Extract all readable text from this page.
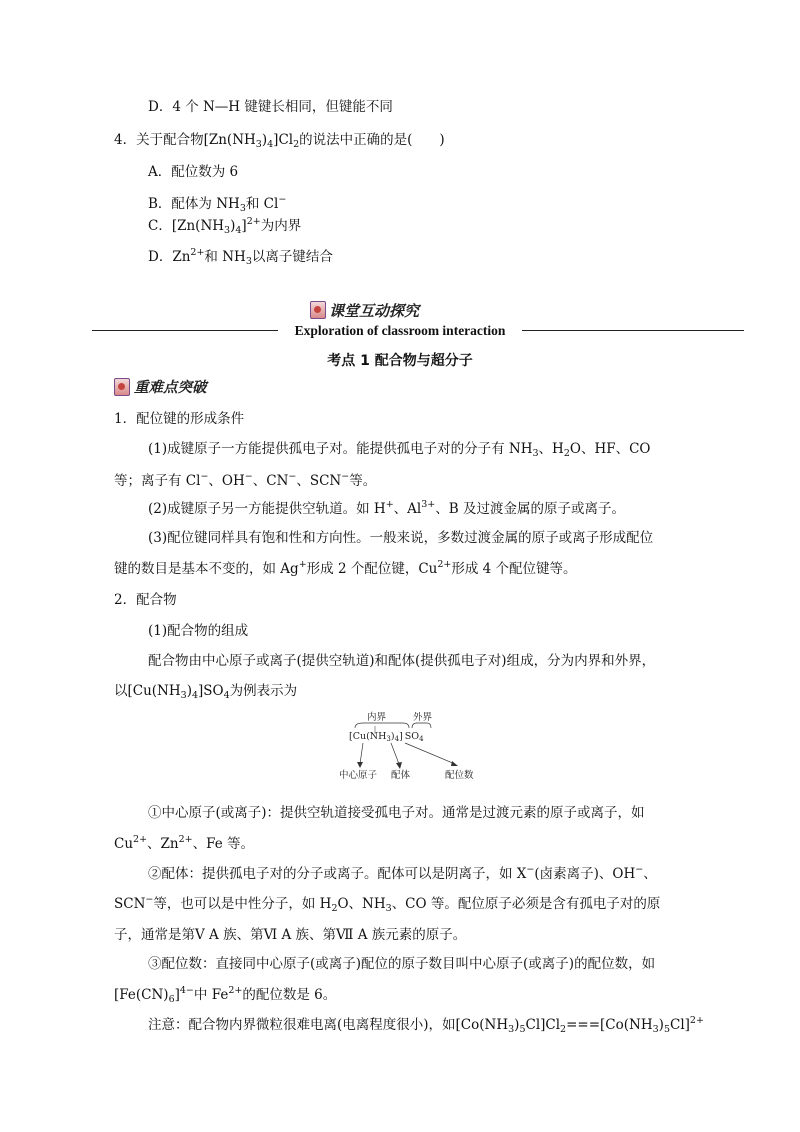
D．4 个 N—H 键键长相同，但键能不同
4．关于配合物$[Zn(NH_3)_4]Cl_2$的说法中正确的是(　　)
A．配位数为 6
B．配体为 $NH_3$和 Cl−
C．$[Zn(NH_3)_4]^{2+}$为内界
D．$Zn^{2+}$和 $NH_3$以离子键结合
课堂互动探究
Exploration of classroom interaction
考点 1 配合物与超分子
重难点突破
1．配位键的形成条件
(1)成键原子一方能提供孤电子对。能提供孤电子对的分子有 $NH_3$、$H_2O$、HF、CO
等；离子有 Cl−、OH−、CN−、SCN−等。
(2)成键原子另一方能提供空轨道。如 H+、$Al^{3+}$、B 及过渡金属的原子或离子。
(3)配位键同样具有饱和性和方向性。一般来说，多数过渡金属的原子或离子形成配位
键的数目是基本不变的，如 Ag+形成 2 个配位键，$Cu^{2+}$形成 4 个配位键等。
2．配合物
(1)配合物的组成
配合物由中心原子或离子(提供空轨道)和配体(提供孤电子对)组成，分为内界和外界，
以$[Cu(NH_3)_4]SO_4$为例表示为
内界	外界
$[Cu(NH_3)_4]$ $SO_4$
中心原子 配体	配位数
①中心原子(或离子)：提供空轨道接受孤电子对。通常是过渡元素的原子或离子，如
$Cu^{2+}$、$Zn^{2+}$、Fe 等。
②配体：提供孤电子对的分子或离子。配体可以是阴离子，如 X−(卤素离子)、OH−、
SCN−等，也可以是中性分子，如 $H_2O$、$NH_3$、CO 等。配位原子必须是含有孤电子对的原
子，通常是第Ⅴ A 族、第Ⅵ A 族、第Ⅶ A 族元素的原子。
③配位数：直接同中心原子(或离子)配位的原子数目叫中心原子(或离子)的配位数，如
$[Fe(CN)_6]^{4-}$中 $Fe^{2+}$的配位数是 6。
注意：配合物内界微粒很难电离(电离程度很小)，如$[Co(NH_3)_5Cl]Cl_2===[Co(NH_3)_5Cl]^{2+}$
